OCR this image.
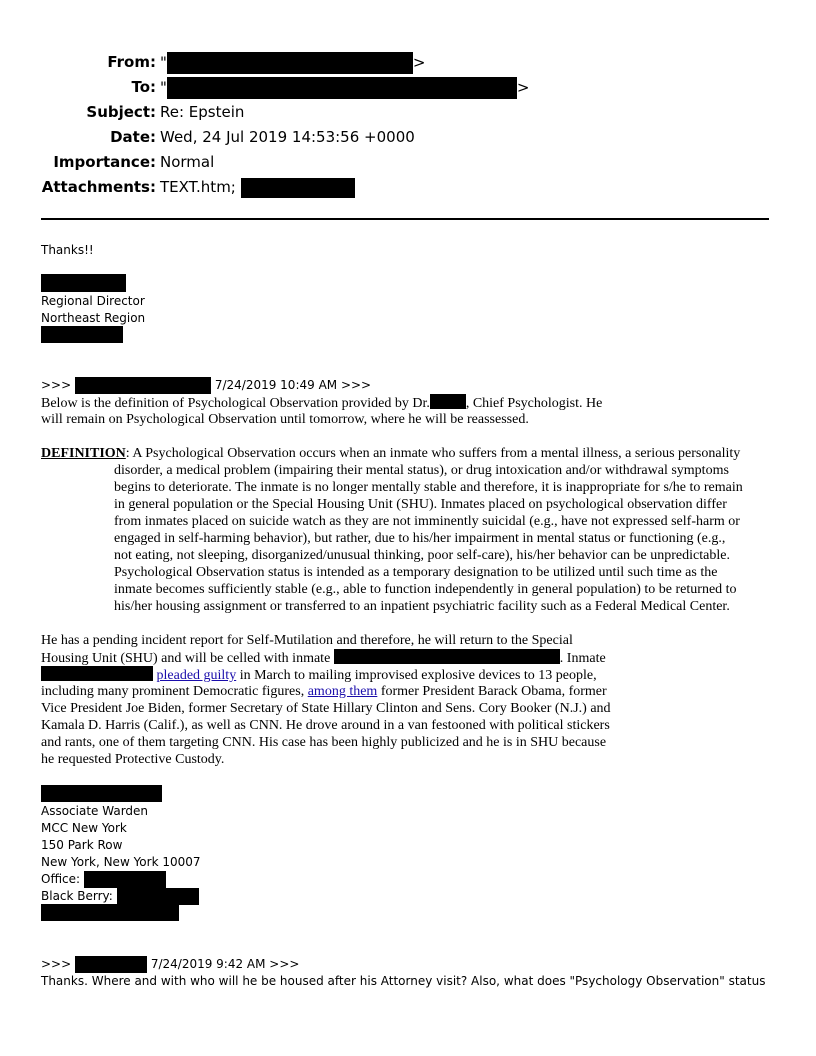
From: "	>
To: "	>
Subject: Re: Epstein
Date: Wed, 24 Jul 2019 14:53:56 +0000
Importance: Normal
Attachments: TEXT.htm;
Thanks!!
Regional Director
Northeast Region
>>>	7/24/2019 10:49 AM >>>
Below is the definition of Psychological Observation provided by Dr.	, Chief Psychologist. He
will remain on Psychological Observation until tomorrow, where he will be reassessed.
DEFINITION: A Psychological Observation occurs when an inmate who suffers from a mental illness, a serious personality
disorder, a medical problem (impairing their mental status), or drug intoxication and/or withdrawal symptoms
begins to deteriorate. The inmate is no longer mentally stable and therefore, it is inappropriate for s/he to remain
in general population or the Special Housing Unit (SHU). Inmates placed on psychological observation differ
from inmates placed on suicide watch as they are not imminently suicidal (e.g., have not expressed self-harm or
engaged in self-harming behavior), but rather, due to his/her impairment in mental status or functioning (e.g.,
not eating, not sleeping, disorganized/unusual thinking, poor self-care), his/her behavior can be unpredictable.
Psychological Observation status is intended as a temporary designation to be utilized until such time as the
inmate becomes sufficiently stable (e.g., able to function independently in general population) to be returned to
his/her housing assignment or transferred to an inpatient psychiatric facility such as a Federal Medical Center.
He has a pending incident report for Self-Mutilation and therefore, he will return to the Special
Housing Unit (SHU) and will be celled with inmate	. Inmate
pleaded guilty in March to mailing improvised explosive devices to 13 people,
including many prominent Democratic figures, among them former President Barack Obama, former
Vice President Joe Biden, former Secretary of State Hillary Clinton and Sens. Cory Booker (N.J.) and
Kamala D. Harris (Calif.), as well as CNN. He drove around in a van festooned with political stickers
and rants, one of them targeting CNN. His case has been highly publicized and he is in SHU because
he requested Protective Custody.
Associate Warden
MCC New York
150 Park Row
New York, New York 10007
Office:
Black Berry:
>>>	7/24/2019 9:42 AM >>>
Thanks. Where and with who will he be housed after his Attorney visit? Also, what does "Psychology Observation" status
